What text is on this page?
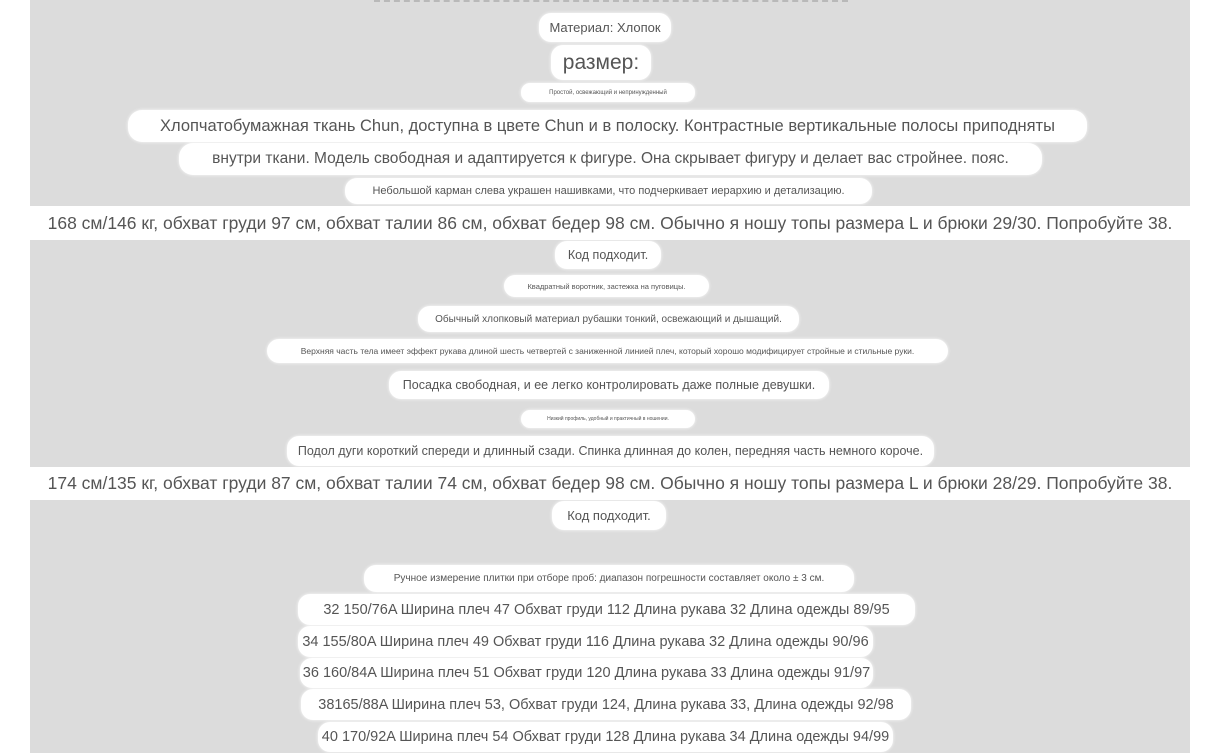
Материал: Хлопок
размер:
Простой, освежающий и непринужденный
Хлопчатобумажная ткань Chun, доступна в цвете Chun и в полоску. Контрастные вертикальные полосы приподняты
внутри ткани. Модель свободная и адаптируется к фигуре. Она скрывает фигуру и делает вас стройнее. пояс.
Небольшой карман слева украшен нашивками, что подчеркивает иерархию и детализацию.
168 см/146 кг, обхват груди 97 см, обхват талии 86 см, обхват бедер 98 см. Обычно я ношу топы размера L и брюки 29/30. Попробуйте 38.
Код подходит.
Квадратный воротник, застежка на пуговицы.
Обычный хлопковый материал рубашки тонкий, освежающий и дышащий.
Верхняя часть тела имеет эффект рукава длиной шесть четвертей с заниженной линией плеч, который хорошо модифицирует стройные и стильные руки.
Посадка свободная, и ее легко контролировать даже полные девушки.
Низкий профиль, удобный и практичный в ношении.
Подол дуги короткий спереди и длинный сзади. Спинка длинная до колен, передняя часть немного короче.
174 см/135 кг, обхват груди 87 см, обхват талии 74 см, обхват бедер 98 см. Обычно я ношу топы размера L и брюки 28/29. Попробуйте 38.
Код подходит.
Ручное измерение плитки при отборе проб: диапазон погрешности составляет около ± 3 см.
32 150/76A Ширина плеч 47 Обхват груди 112 Длина рукава 32 Длина одежды 89/95
34 155/80A Ширина плеч 49 Обхват груди 116 Длина рукава 32 Длина одежды 90/96
36 160/84A Ширина плеч 51 Обхват груди 120 Длина рукава 33 Длина одежды 91/97
38165/88A Ширина плеч 53, Обхват груди 124, Длина рукава 33, Длина одежды 92/98
40 170/92A Ширина плеч 54 Обхват груди 128 Длина рукава 34 Длина одежды 94/99
